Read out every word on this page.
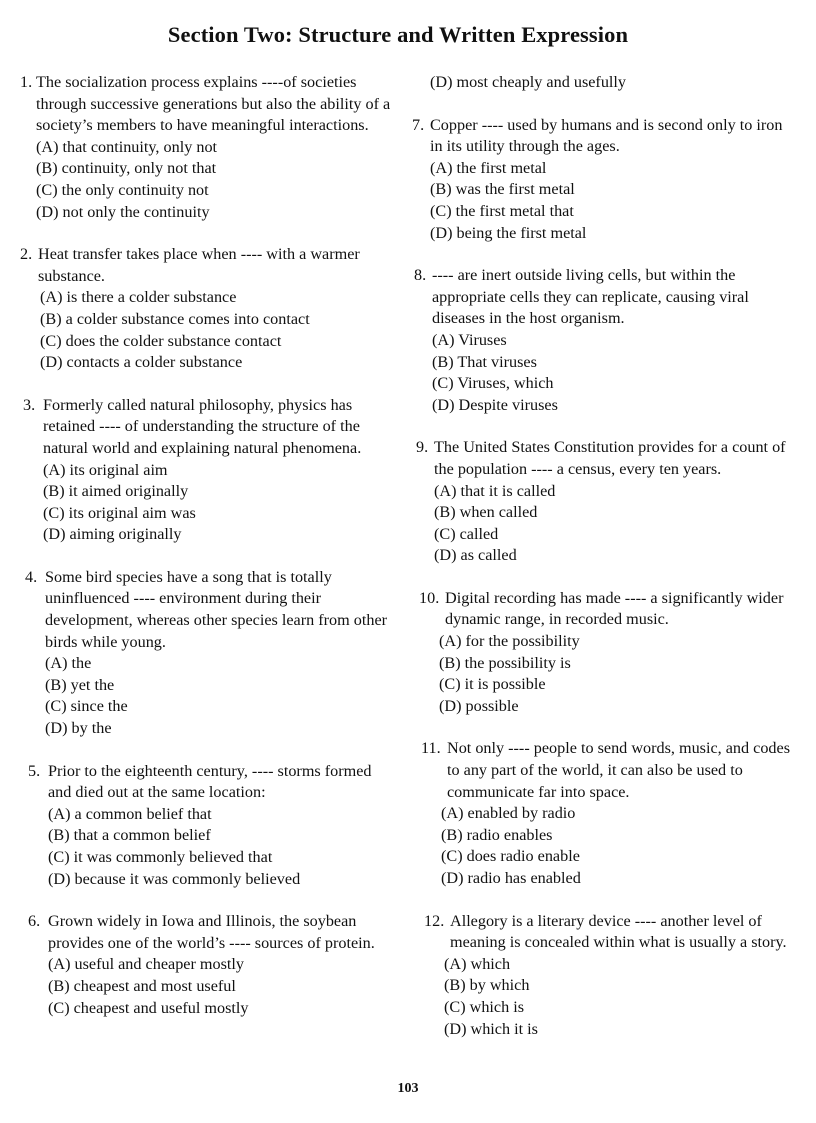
Section Two: Structure and Written Expression
1. The socialization process explains ----of societies through successive generations but also the ability of a society’s members to have meaningful interactions.
(A) that continuity, only not
(B) continuity, only not that
(C) the only continuity not
(D) not only the continuity
2. Heat transfer takes place when ---- with a warmer substance.
(A) is there a colder substance
(B) a colder substance comes into contact
(C) does the colder substance contact
(D) contacts a colder substance
3. Formerly called natural philosophy, physics has retained ---- of understanding the structure of the natural world and explaining natural phenomena.
(A) its original aim
(B) it aimed originally
(C) its original aim was
(D) aiming originally
4. Some bird species have a song that is totally uninfluenced ---- environment during their development, whereas other species learn from other birds while young.
(A) the
(B) yet the
(C) since the
(D) by the
5. Prior to the eighteenth century, ---- storms formed and died out at the same location:
(A) a common belief that
(B) that a common belief
(C) it was commonly believed that
(D) because it was commonly believed
6. Grown widely in Iowa and Illinois, the soybean provides one of the world’s ---- sources of protein.
(A) useful and cheaper mostly
(B) cheapest and most useful
(C) cheapest and useful mostly
(D) most cheaply and usefully
7. Copper ---- used by humans and is second only to iron in its utility through the ages.
(A) the first metal
(B) was the first metal
(C) the first metal that
(D) being the first metal
8. ---- are inert outside living cells, but within the appropriate cells they can replicate, causing viral diseases in the host organism.
(A) Viruses
(B) That viruses
(C) Viruses, which
(D) Despite viruses
9. The United States Constitution provides for a count of the population ---- a census, every ten years.
(A) that it is called
(B) when called
(C) called
(D) as called
10. Digital recording has made ---- a significantly wider dynamic range, in recorded music.
(A) for the possibility
(B) the possibility is
(C) it is possible
(D) possible
11. Not only ---- people to send words, music, and codes to any part of the world, it can also be used to communicate far into space.
(A) enabled by radio
(B) radio enables
(C) does radio enable
(D) radio has enabled
12. Allegory is a literary device ---- another level of meaning is concealed within what is usually a story.
(A) which
(B) by which
(C) which is
(D) which it is
103
